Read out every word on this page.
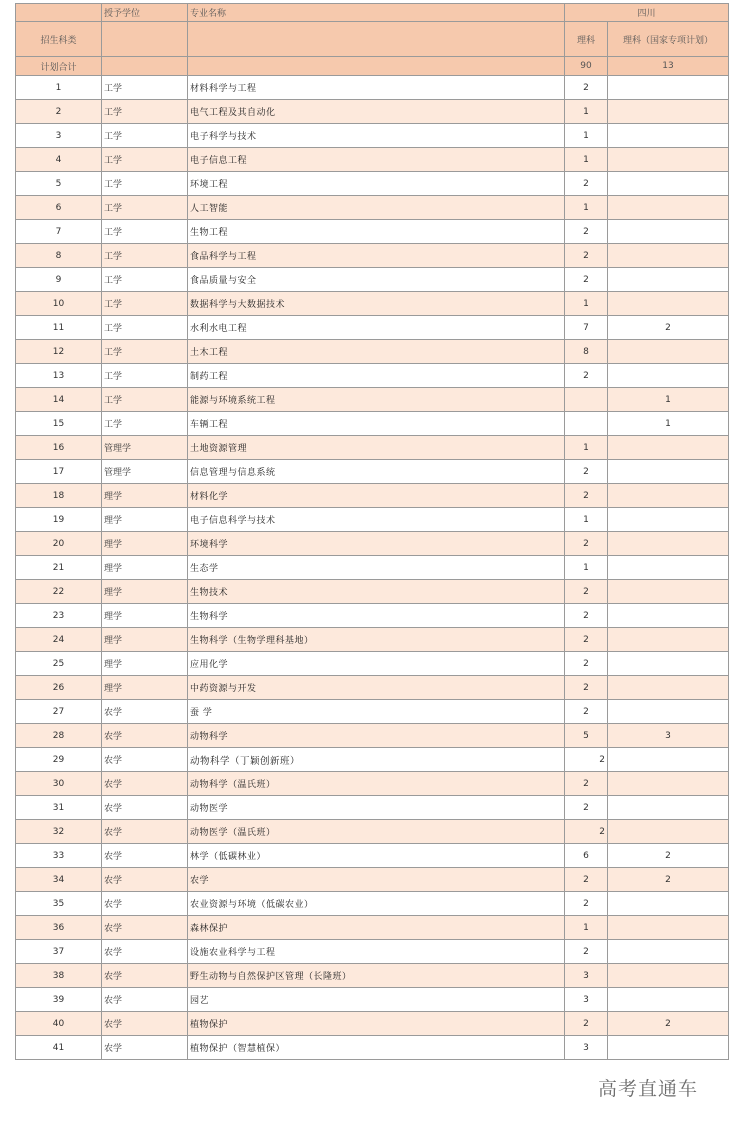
	授予学位	专业名称	四川	
招生科类			理科	理科（国家专项计划）
计划合计			90	13
1	工学	材料科学与工程	2	
2	工学	电气工程及其自动化	1	
3	工学	电子科学与技术	1	
4	工学	电子信息工程	1	
5	工学	环境工程	2	
6	工学	人工智能	1	
7	工学	生物工程	2	
8	工学	食品科学与工程	2	
9	工学	食品质量与安全	2	
10	工学	数据科学与大数据技术	1	
11	工学	水利水电工程	7	2
12	工学	土木工程	8	
13	工学	制药工程	2	
14	工学	能源与环境系统工程		1
15	工学	车辆工程		1
16	管理学	土地资源管理	1	
17	管理学	信息管理与信息系统	2	
18	理学	材料化学	2	
19	理学	电子信息科学与技术	1	
20	理学	环境科学	2	
21	理学	生态学	1	
22	理学	生物技术	2	
23	理学	生物科学	2	
24	理学	生物科学（生物学理科基地）	2	
25	理学	应用化学	2	
26	理学	中药资源与开发	2	
27	农学	蚕 学	2	
28	农学	动物科学	5	3
29	农学	动物科学（丁颖创新班）	2	
30	农学	动物科学（温氏班）	2	
31	农学	动物医学	2	
32	农学	动物医学（温氏班）	2	
33	农学	林学（低碳林业）	6	2
34	农学	农学	2	2
35	农学	农业资源与环境（低碳农业）	2	
36	农学	森林保护	1	
37	农学	设施农业科学与工程	2	
38	农学	野生动物与自然保护区管理（长隆班）	3	
39	农学	园艺	3	
40	农学	植物保护	2	2
41	农学	植物保护（智慧植保）	3	
高考直通车
